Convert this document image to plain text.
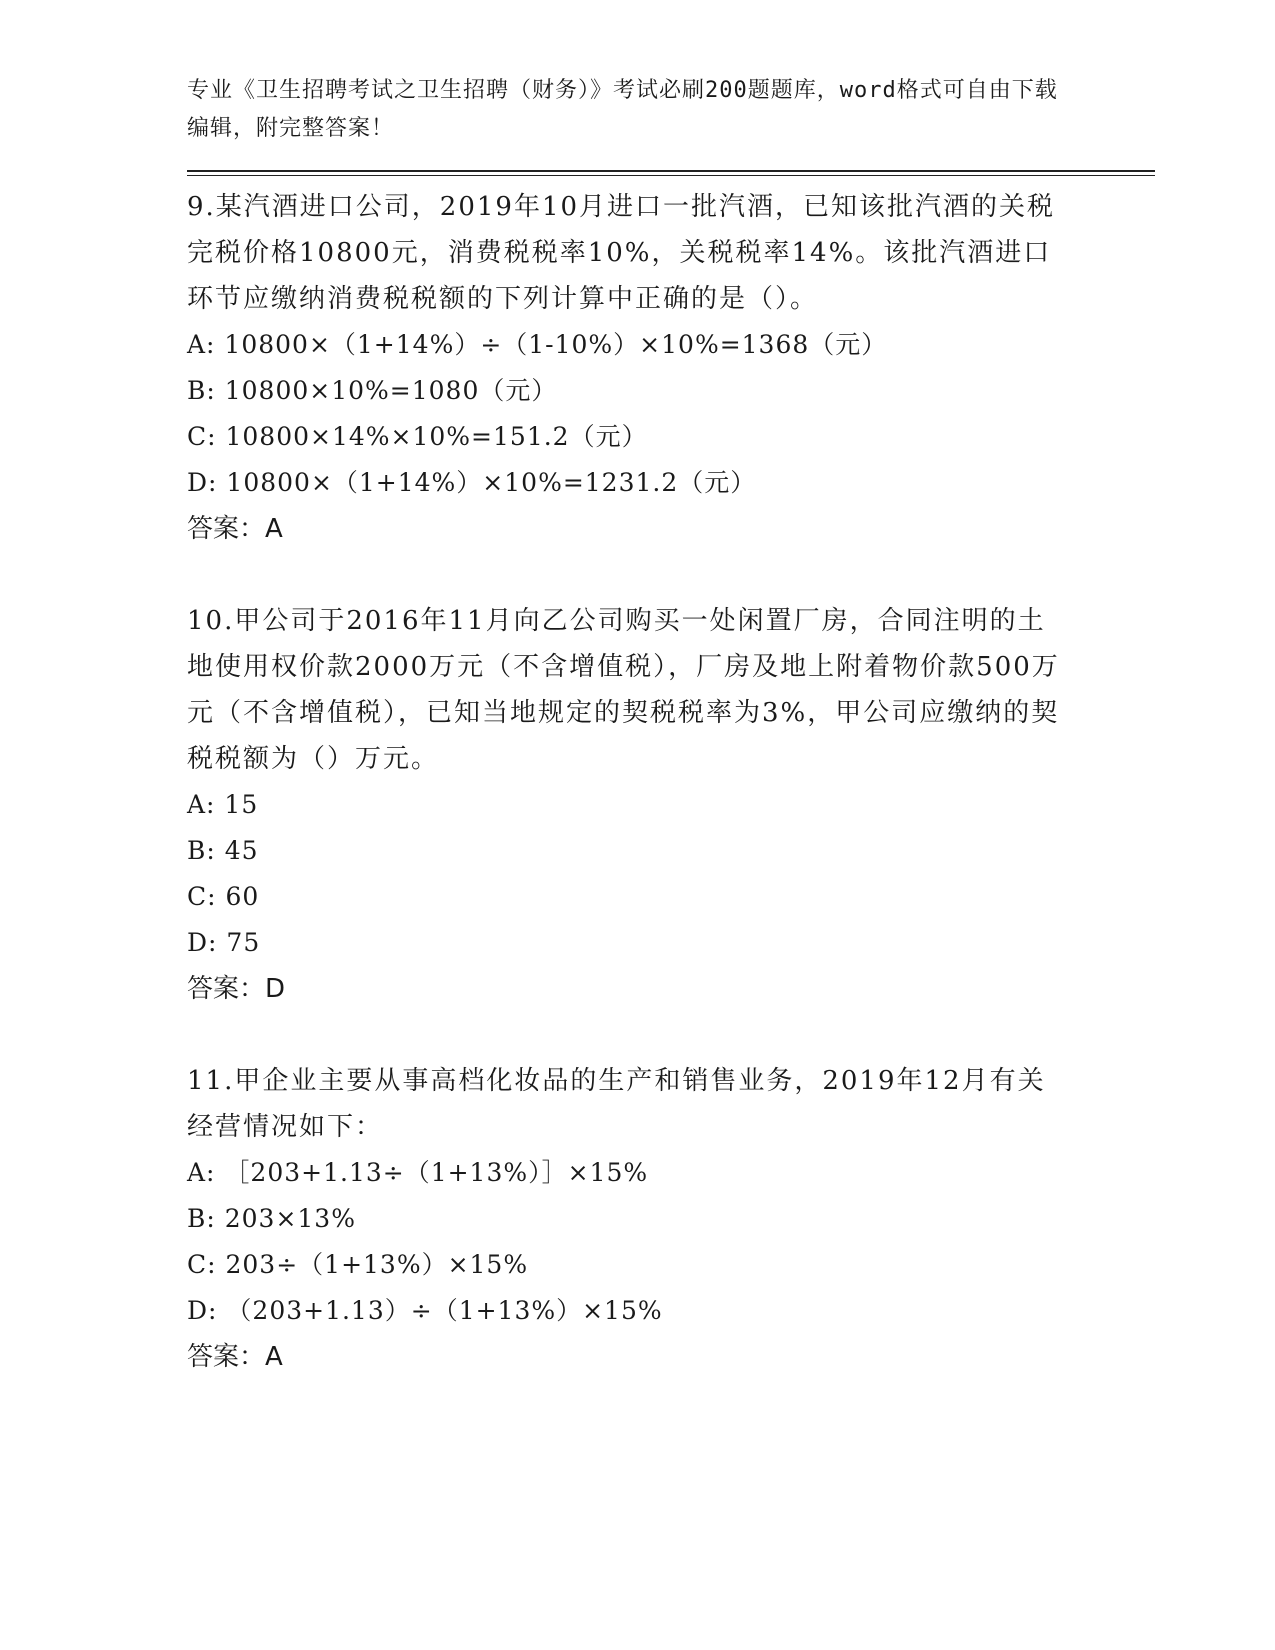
专业《卫生招聘考试之卫生招聘（财务）》考试必刷200题题库，word格式可自由下载编辑，附完整答案！

9.某汽酒进口公司，2019年10月进口一批汽酒，已知该批汽酒的关税完税价格10800元，消费税税率10%，关税税率14%。该批汽酒进口环节应缴纳消费税税额的下列计算中正确的是（）。

A: 10800×（1+14%）÷（1-10%）×10%=1368（元）

B: 10800×10%=1080（元）

C: 10800×14%×10%=151.2（元）

D: 10800×（1+14%）×10%=1231.2（元）

答案：A

10.甲公司于2016年11月向乙公司购买一处闲置厂房，合同注明的土地使用权价款2000万元（不含增值税），厂房及地上附着物价款500万元（不含增值税），已知当地规定的契税税率为3%，甲公司应缴纳的契税税额为（）万元。

A: 15

B: 45

C: 60

D: 75

答案：D

11.甲企业主要从事高档化妆品的生产和销售业务，2019年12月有关经营情况如下：

A: ［203+1.13÷（1+13%）］×15%

B: 203×13%

C: 203÷（1+13%）×15%

D: （203+1.13）÷（1+13%）×15%

答案：A
